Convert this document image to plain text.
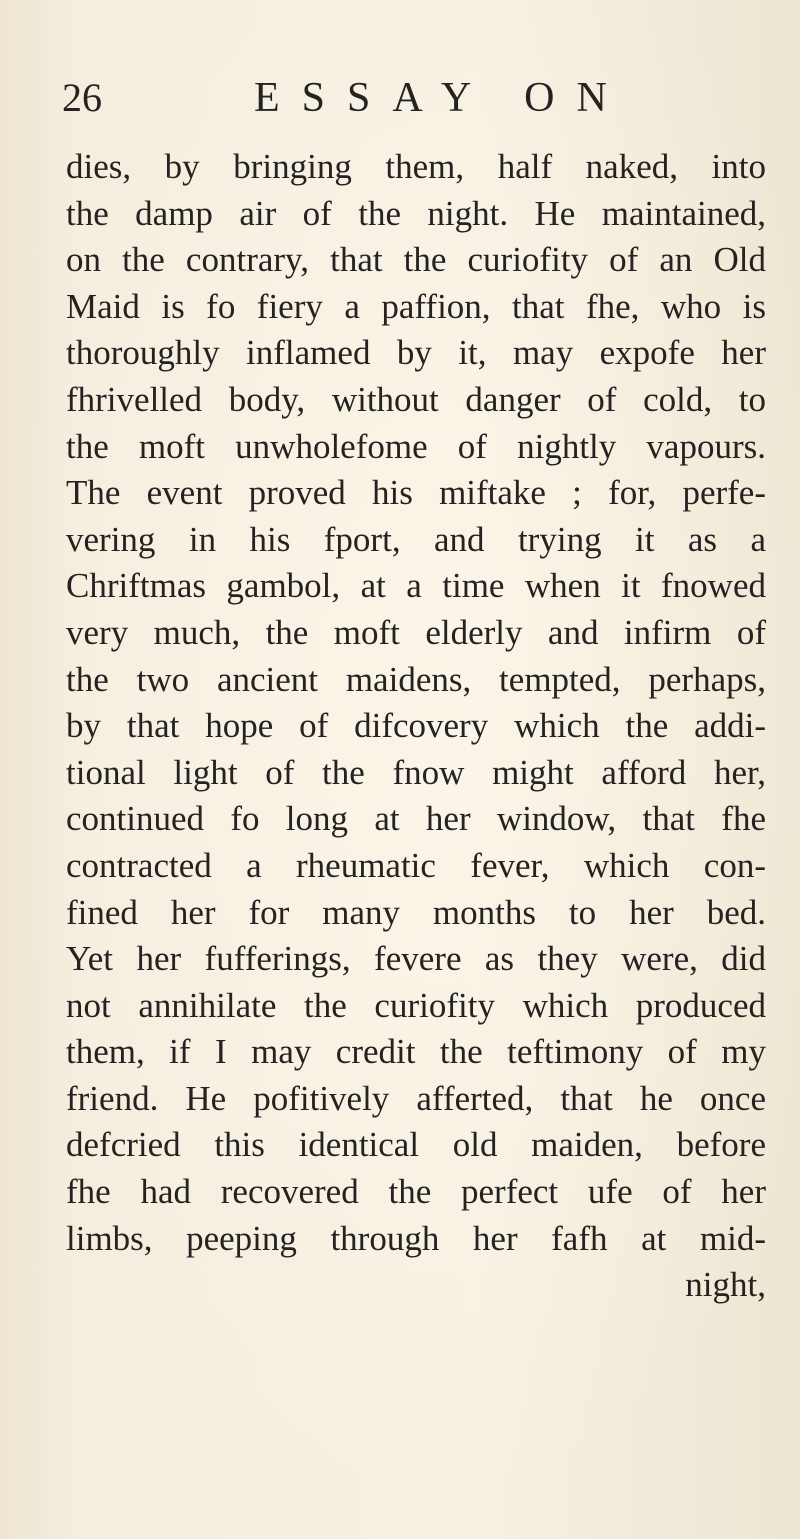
26	ESSAY ON
dies, by bringing them, half naked, into
the damp air of the night. He maintained,
on the contrary, that the curiofity of an Old
Maid is fo fiery a paffion, that fhe, who is
thoroughly inflamed by it, may expofe her
fhrivelled body, without danger of cold, to
the moft unwholefome of nightly vapours.
The event proved his miftake ; for, perfe-
vering in his fport, and trying it as a
Chriftmas gambol, at a time when it fnowed
very much, the moft elderly and infirm of
the two ancient maidens, tempted, perhaps,
by that hope of difcovery which the addi-
tional light of the fnow might afford her,
continued fo long at her window, that fhe
contracted a rheumatic fever, which con-
fined her for many months to her bed.
Yet her fufferings, fevere as they were, did
not annihilate the curiofity which produced
them, if I may credit the teftimony of my
friend. He pofitively afferted, that he once
defcried this identical old maiden, before
fhe had recovered the perfect ufe of her
limbs, peeping through her fafh at mid-
night,
